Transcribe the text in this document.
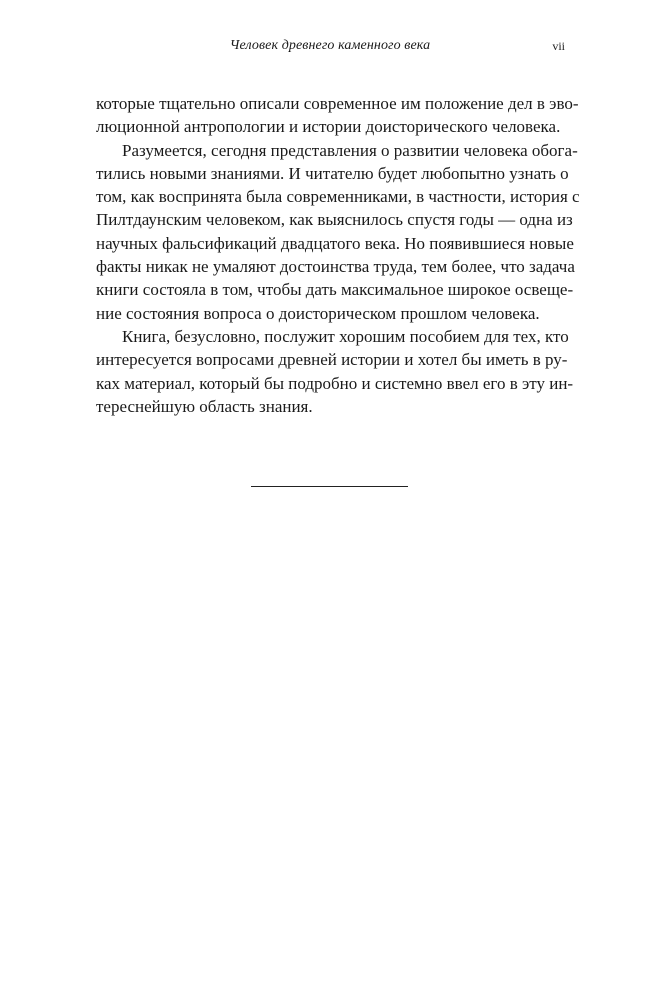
Человек древнего каменного века	vii

которые тщательно описали современное им положение дел в эво-
люционной антропологии и истории доисторического человека.

Разумеется, сегодня представления о развитии человека обога-
тились новыми знаниями. И читателю будет любопытно узнать о
том, как воспринята была современниками, в частности, история с
Пилтдаунским человеком, как выяснилось спустя годы — одна из
научных фальсификаций двадцатого века. Но появившиеся новые
факты никак не умаляют достоинства труда, тем более, что задача
книги состояла в том, чтобы дать максимальное широкое освеще-
ние состояния вопроса о доисторическом прошлом человека.

Книга, безусловно, послужит хорошим пособием для тех, кто
интересуется вопросами древней истории и хотел бы иметь в ру-
ках материал, который бы подробно и системно ввел его в эту ин-
тереснейшую область знания.
